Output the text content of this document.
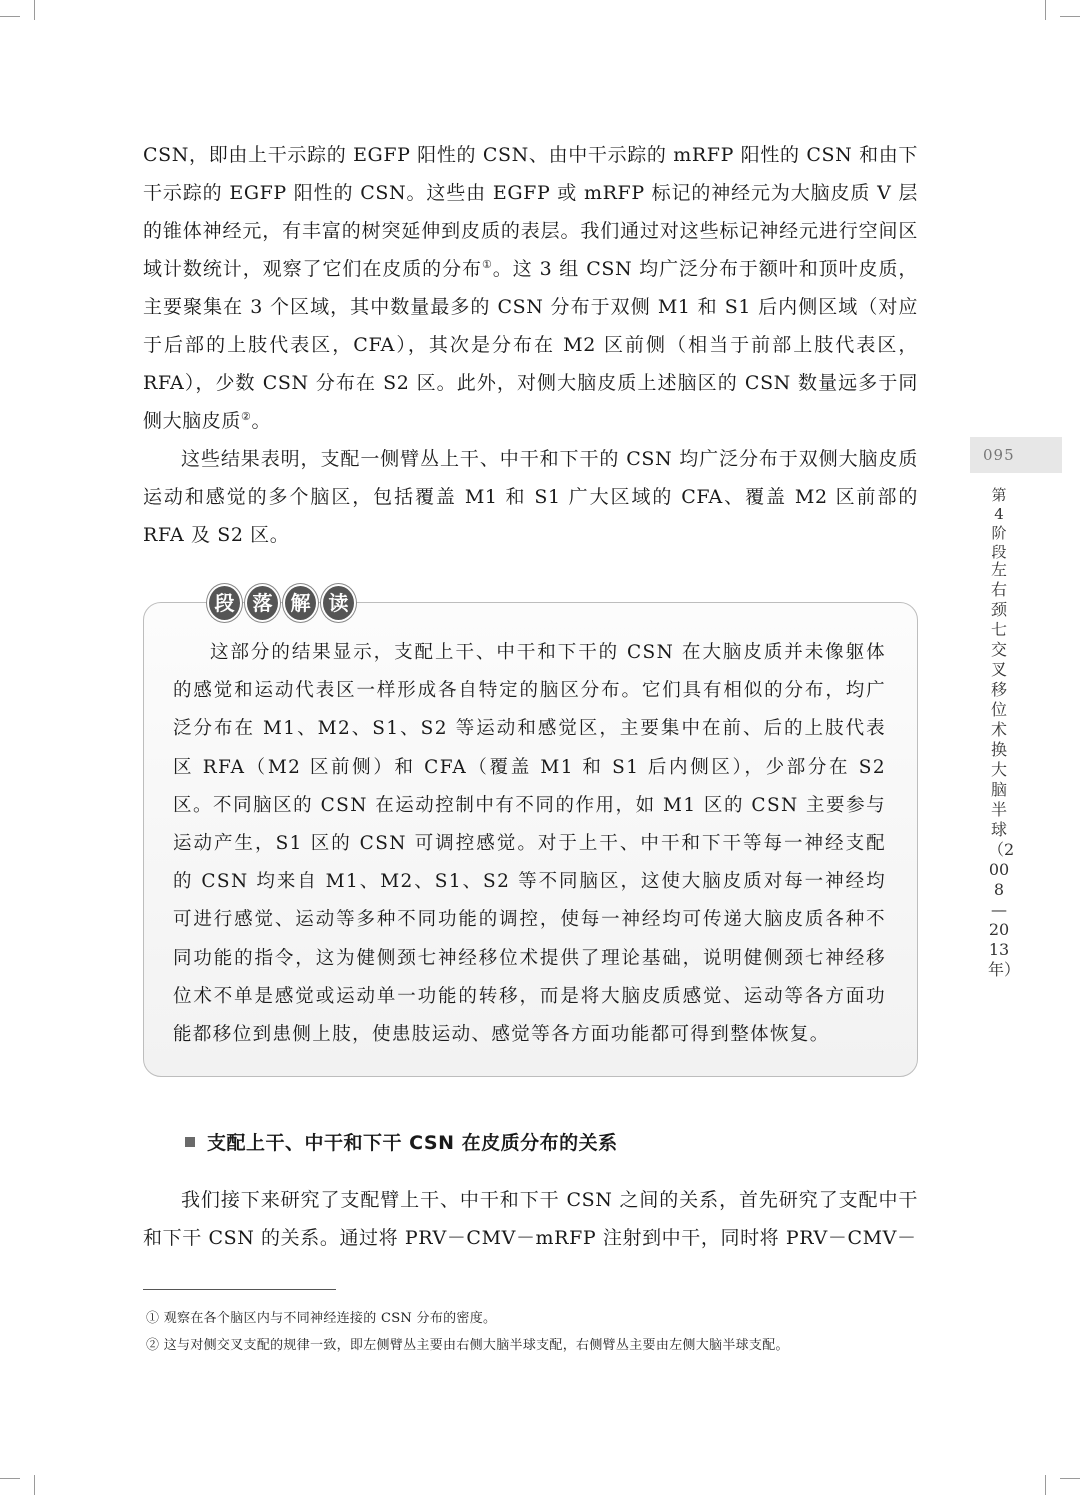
CSN，即由上干示踪的 EGFP 阳性的 CSN、由中干示踪的 mRFP 阳性的 CSN 和由下干示踪的 EGFP 阳性的 CSN。这些由 EGFP 或 mRFP 标记的神经元为大脑皮质 V 层的锥体神经元，有丰富的树突延伸到皮质的表层。我们通过对这些标记神经元进行空间区域计数统计，观察了它们在皮质的分布①。这 3 组 CSN 均广泛分布于额叶和顶叶皮质，主要聚集在 3 个区域，其中数量最多的 CSN 分布于双侧 M1 和 S1 后内侧区域（对应于后部的上肢代表区，CFA），其次是分布在 M2 区前侧（相当于前部上肢代表区，RFA），少数 CSN 分布在 S2 区。此外，对侧大脑皮质上述脑区的 CSN 数量远多于同侧大脑皮质②。

这些结果表明，支配一侧臂丛上干、中干和下干的 CSN 均广泛分布于双侧大脑皮质运动和感觉的多个脑区，包括覆盖 M1 和 S1 广大区域的 CFA、覆盖 M2 区前部的 RFA 及 S2 区。

095
第4阶段
左右颈七交叉移位术换大脑半球（2008—2013年）
段 落 解 读

这部分的结果显示，支配上干、中干和下干的 CSN 在大脑皮质并未像躯体的感觉和运动代表区一样形成各自特定的脑区分布。它们具有相似的分布，均广泛分布在 M1、M2、S1、S2 等运动和感觉区，主要集中在前、后的上肢代表区 RFA（M2 区前侧）和 CFA（覆盖 M1 和 S1 后内侧区），少部分在 S2 区。不同脑区的 CSN 在运动控制中有不同的作用，如 M1 区的 CSN 主要参与运动产生，S1 区的 CSN 可调控感觉。对于上干、中干和下干等每一神经支配的 CSN 均来自 M1、M2、S1、S2 等不同脑区，这使大脑皮质对每一神经均可进行感觉、运动等多种不同功能的调控，使每一神经均可传递大脑皮质各种不同功能的指令，这为健侧颈七神经移位术提供了理论基础，说明健侧颈七神经移位术不单是感觉或运动单一功能的转移，而是将大脑皮质感觉、运动等各方面功能都移位到患侧上肢，使患肢运动、感觉等各方面功能都可得到整体恢复。

支配上干、中干和下干 CSN 在皮质分布的关系

我们接下来研究了支配臂上干、中干和下干 CSN 之间的关系，首先研究了支配中干和下干 CSN 的关系。通过将 PRV－CMV－mRFP 注射到中干，同时将 PRV－CMV－

① 观察在各个脑区内与不同神经连接的 CSN 分布的密度。
② 这与对侧交叉支配的规律一致，即左侧臂丛主要由右侧大脑半球支配，右侧臂丛主要由左侧大脑半球支配。
